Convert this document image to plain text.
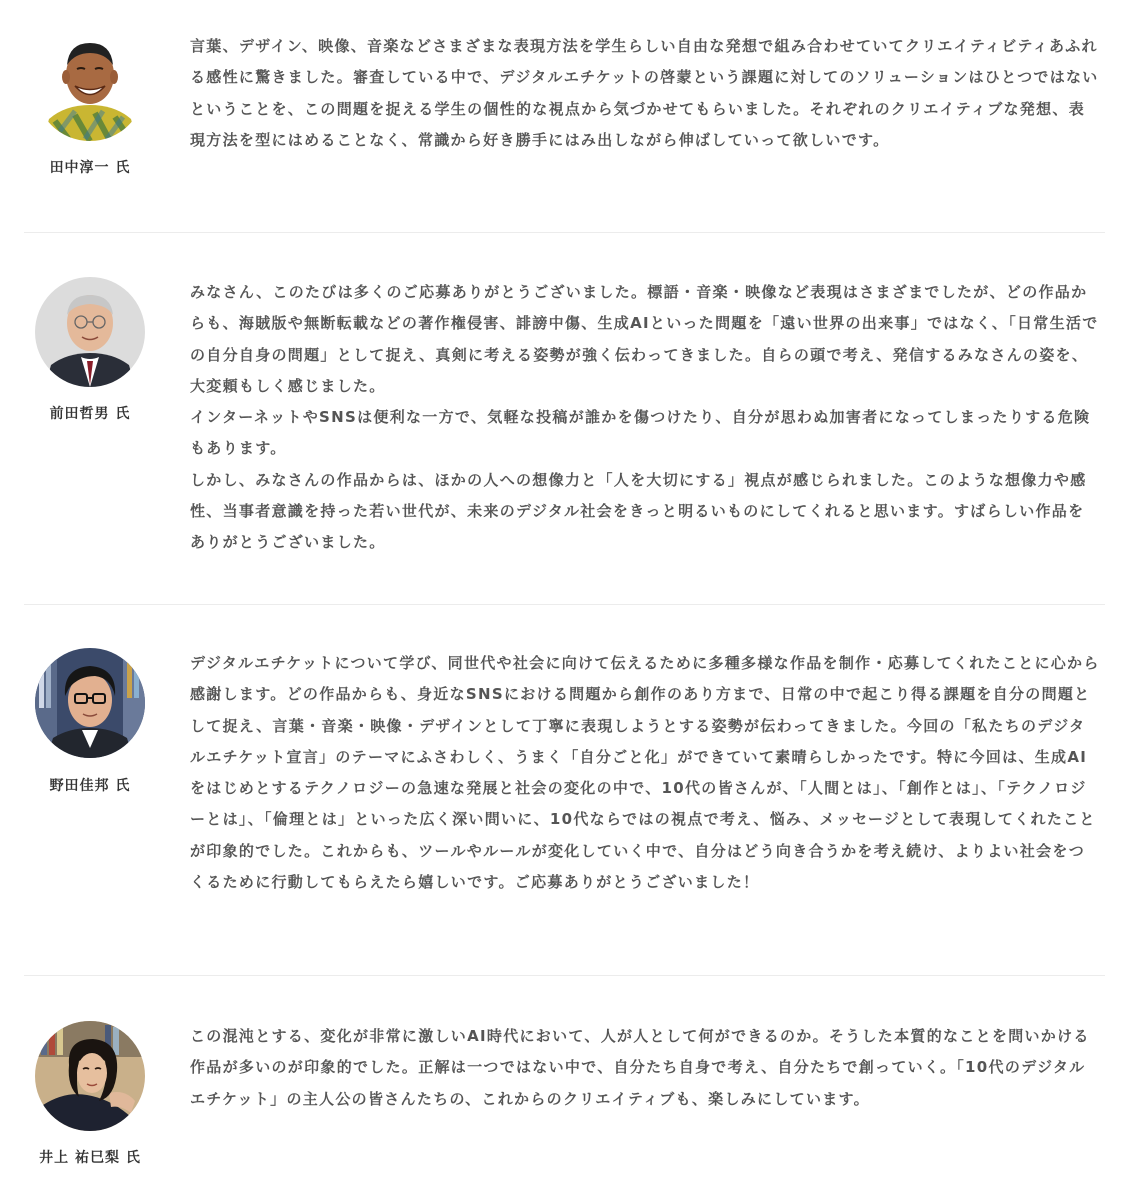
田中淳一 氏

言葉、デザイン、映像、音楽などさまざまな表現方法を学生らしい自由な発想で組み合わせていてクリエイティビティあふれる感性に驚きました。審査している中で、デジタルエチケットの啓蒙という課題に対してのソリューションはひとつではないということを、この問題を捉える学生の個性的な視点から気づかせてもらいました。それぞれのクリエイティブな発想、表現方法を型にはめることなく、常識から好き勝手にはみ出しながら伸ばしていって欲しいです。

前田哲男 氏

みなさん、このたびは多くのご応募ありがとうございました。標語・音楽・映像など表現はさまざまでしたが、どの作品からも、海賊版や無断転載などの著作権侵害、誹謗中傷、生成AIといった問題を「遠い世界の出来事」ではなく、「日常生活での自分自身の問題」として捉え、真剣に考える姿勢が強く伝わってきました。自らの頭で考え、発信するみなさんの姿を、大変頼もしく感じました。
インターネットやSNSは便利な一方で、気軽な投稿が誰かを傷つけたり、自分が思わぬ加害者になってしまったりする危険もあります。
しかし、みなさんの作品からは、ほかの人への想像力と「人を大切にする」視点が感じられました。このような想像力や感性、当事者意識を持った若い世代が、未来のデジタル社会をきっと明るいものにしてくれると思います。すばらしい作品をありがとうございました。

野田佳邦 氏

デジタルエチケットについて学び、同世代や社会に向けて伝えるために多種多様な作品を制作・応募してくれたことに心から感謝します。どの作品からも、身近なSNSにおける問題から創作のあり方まで、日常の中で起こり得る課題を自分の問題として捉え、言葉・音楽・映像・デザインとして丁寧に表現しようとする姿勢が伝わってきました。今回の「私たちのデジタルエチケット宣言」のテーマにふさわしく、うまく「自分ごと化」ができていて素晴らしかったです。特に今回は、生成AIをはじめとするテクノロジーの急速な発展と社会の変化の中で、10代の皆さんが、「人間とは」、「創作とは」、「テクノロジーとは」、「倫理とは」といった広く深い問いに、10代ならではの視点で考え、悩み、メッセージとして表現してくれたことが印象的でした。これからも、ツールやルールが変化していく中で、自分はどう向き合うかを考え続け、よりよい社会をつくるために行動してもらえたら嬉しいです。ご応募ありがとうございました！

井上 祐巳梨 氏

この混沌とする、変化が非常に激しいAI時代において、人が人として何ができるのか。そうした本質的なことを問いかける作品が多いのが印象的でした。正解は一つではない中で、自分たち自身で考え、自分たちで創っていく。「10代のデジタルエチケット」の主人公の皆さんたちの、これからのクリエイティブも、楽しみにしています。
